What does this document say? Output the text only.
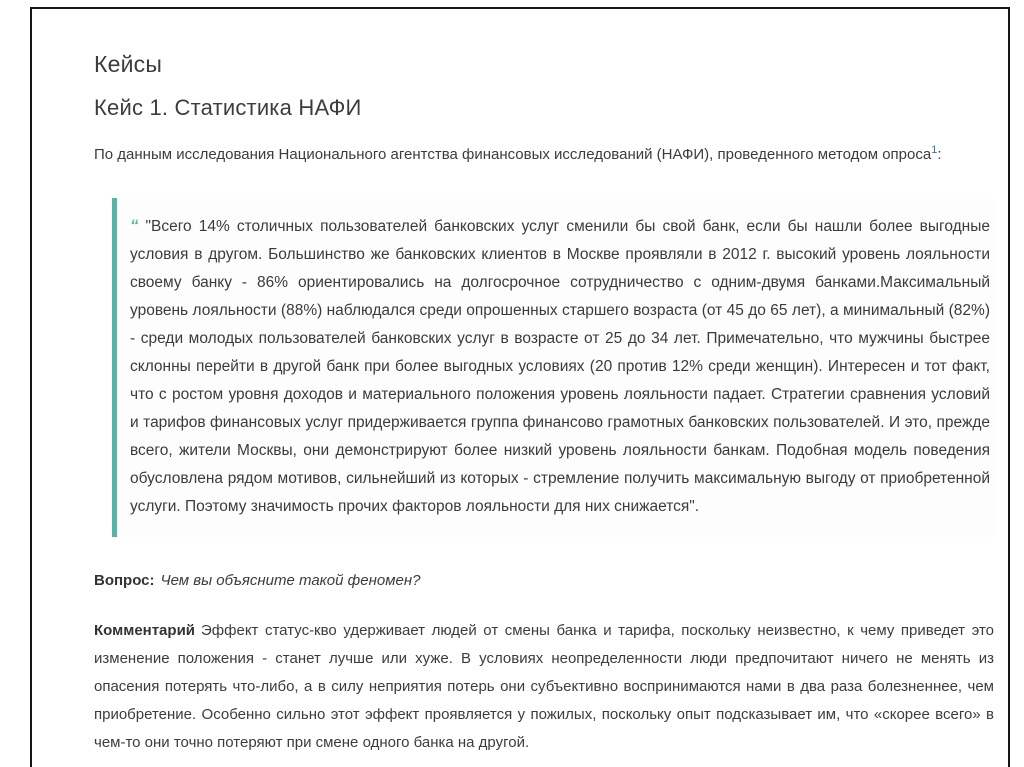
Кейсы
Кейс 1. Статистика НАФИ

По данным исследования Национального агентства финансовых исследований (НАФИ), проведенного методом опроса$^1$:

“ "Всего 14% столичных пользователей банковских услуг сменили бы свой банк, если бы нашли более выгодные условия в другом. Большинство же банковских клиентов в Москве проявляли в 2012 г. высокий уровень лояльности своему банку - 86% ориентировались на долгосрочное сотрудничество с одним-двумя банками.Максимальный уровень лояльности (88%) наблюдался среди опрошенных старшего возраста (от 45 до 65 лет), а минимальный (82%) - среди молодых пользователей банковских услуг в возрасте от 25 до 34 лет. Примечательно, что мужчины быстрее склонны перейти в другой банк при более выгодных условиях (20 против 12% среди женщин). Интересен и тот факт, что с ростом уровня доходов и материального положения уровень лояльности падает. Стратегии сравнения условий и тарифов финансовых услуг придерживается группа финансово грамотных банковских пользователей. И это, прежде всего, жители Москвы, они демонстрируют более низкий уровень лояльности банкам. Подобная модель поведения обусловлена рядом мотивов, сильнейший из которых - стремление получить максимальную выгоду от приобретенной услуги. Поэтому значимость прочих факторов лояльности для них снижается".

Вопрос: Чем вы объясните такой феномен?

Комментарий Эффект статус-кво удерживает людей от смены банка и тарифа, поскольку неизвестно, к чему приведет это изменение положения - станет лучше или хуже. В условиях неопределенности люди предпочитают ничего не менять из опасения потерять что-либо, а в силу неприятия потерь они субъективно воспринимаются нами в два раза болезненнее, чем приобретение. Особенно сильно этот эффект проявляется у пожилых, поскольку опыт подсказывает им, что «скорее всего» в чем-то они точно потеряют при смене одного банка на другой.
